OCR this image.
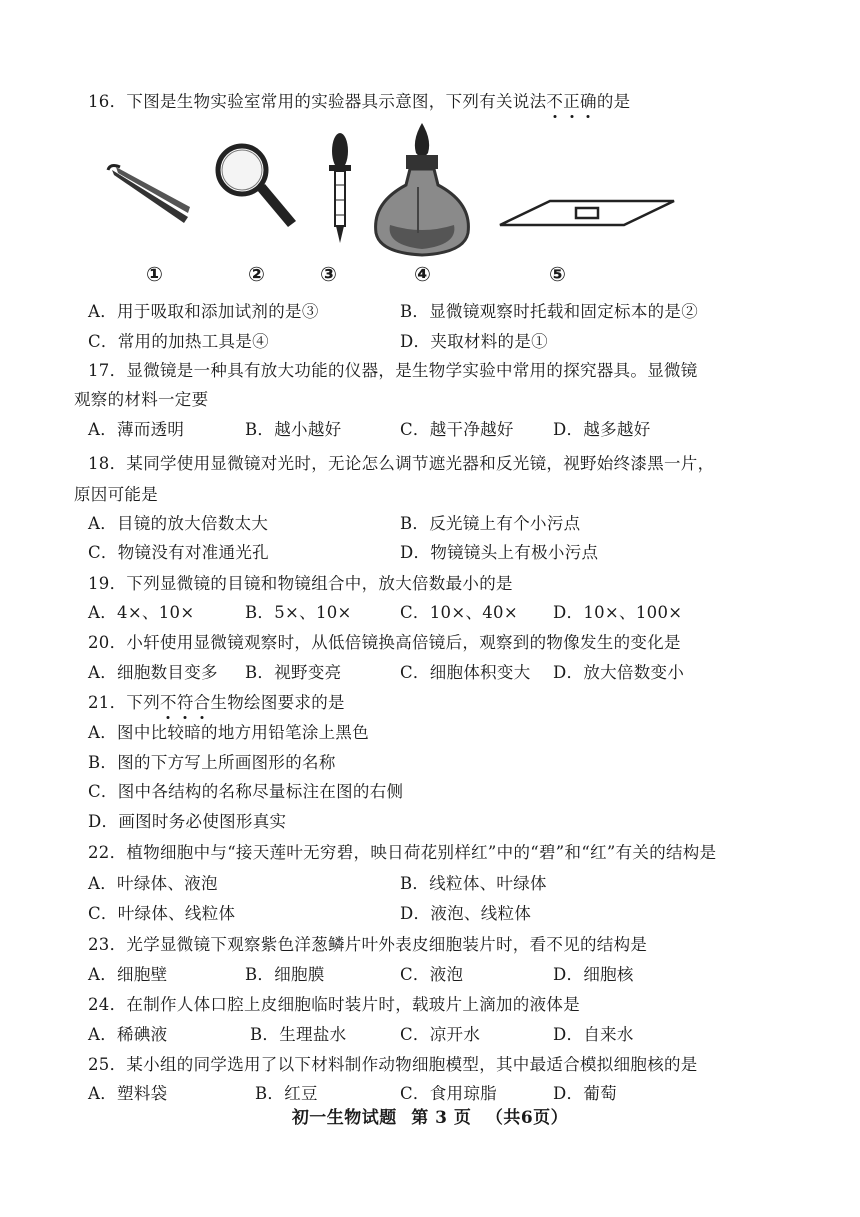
16．下图是生物实验室常用的实验器具示意图，下列有关说法不正确的是
①	②	③	④	⑤
A．用于吸取和添加试剂的是③	B．显微镜观察时托载和固定标本的是②
C．常用的加热工具是④	D．夹取材料的是①
17．显微镜是一种具有放大功能的仪器，是生物学实验中常用的探究器具。显微镜
观察的材料一定要
A．薄而透明	B．越小越好	C．越干净越好 D．越多越好
18．某同学使用显微镜对光时，无论怎么调节遮光器和反光镜，视野始终漆黑一片，
原因可能是
A．目镜的放大倍数太大	B．反光镜上有个小污点
C．物镜没有对准通光孔	D．物镜镜头上有极小污点
19．下列显微镜的目镜和物镜组合中，放大倍数最小的是
A．4×、10×	B．5×、10×	C．10×、40× D．10×、100×
20．小轩使用显微镜观察时，从低倍镜换高倍镜后，观察到的物像发生的变化是
A．细胞数目变多 B．视野变亮	C．细胞体积变大 D．放大倍数变小
21．下列不符合生物绘图要求的是
A．图中比较暗的地方用铅笔涂上黑色
B．图的下方写上所画图形的名称
C．图中各结构的名称尽量标注在图的右侧
D．画图时务必使图形真实
22．植物细胞中与“接天莲叶无穷碧，映日荷花别样红”中的“碧”和“红”有关的结构是
A．叶绿体、液泡	B．线粒体、叶绿体
C．叶绿体、线粒体	D．液泡、线粒体
23．光学显微镜下观察紫色洋葱鳞片叶外表皮细胞装片时，看不见的结构是
A．细胞壁	B．细胞膜	C．液泡	D．细胞核
24．在制作人体口腔上皮细胞临时装片时，载玻片上滴加的液体是
A．稀碘液	B．生理盐水	C．凉开水	D．自来水
25．某小组的同学选用了以下材料制作动物细胞模型，其中最适合模拟细胞核的是
A．塑料袋	B．红豆	C．食用琼脂	D．葡萄
初一生物试题 第 3 页 （共6页）
